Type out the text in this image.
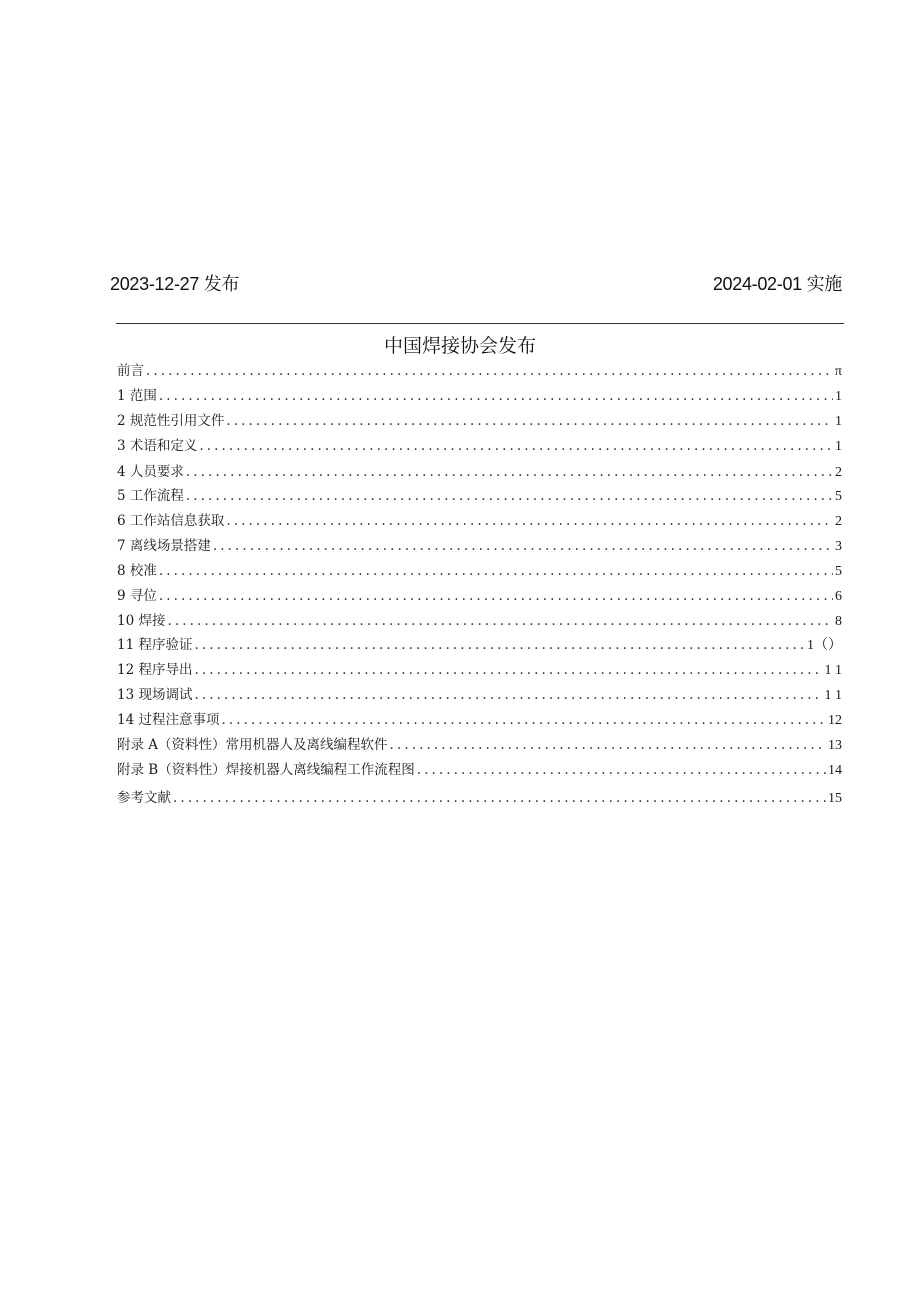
2023-12-27 发布	2024-02-01 实施
中国焊接协会发布
前言 . . .	π
1 范围 . . .	1
2 规范性引用文件 . . .	1
3 术语和定义 . . .	1
4 人员要求 . . .	2
5 工作流程 . . .	5
6 工作站信息获取 . . .	2
7 离线场景搭建 . . .	3
8 校准 . . .	5
9 寻位 . . .	6
10 焊接 . . .	8
11 程序验证 . . .	1（）
12 程序导出 . . .	1 1
13 现场调试 . . .	1 1
14 过程注意事项 . . .	12
附录 A（资料性）常用机器人及离线编程软件 . . .	13
附录 B（资料性）焊接机器人离线编程工作流程图 . . .	14
参考文献 . . .	15
